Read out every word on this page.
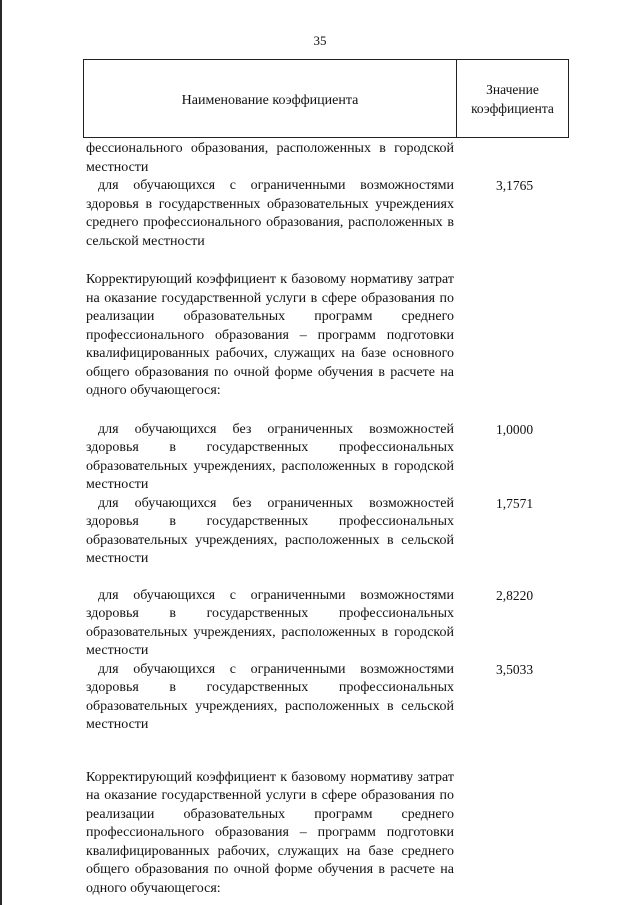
35
Наименование коэффициента
Значение
коэффициента
фессионального образования, расположенных в городской местности
для обучающихся с ограниченными возможностями здоровья в государственных образовательных учреждениях среднего профессионального образования, расположенных в сельской местности
3,1765
Корректирующий коэффициент к базовому нормативу затрат на оказание государственной услуги в сфере образования по реализации образовательных программ среднего профессионального образования – программ подготовки квалифицированных рабочих, служащих на базе основного общего образования по очной форме обучения в расчете на одного обучающегося:
для обучающихся без ограниченных возможностей здоровья в государственных профессиональных образовательных учреждениях, расположенных в городской местности
1,0000
для обучающихся без ограниченных возможностей здоровья в государственных профессиональных образовательных учреждениях, расположенных в сельской местности
1,7571
для обучающихся с ограниченными возможностями здоровья в государственных профессиональных образовательных учреждениях, расположенных в городской местности
2,8220
для обучающихся с ограниченными возможностями здоровья в государственных профессиональных образовательных учреждениях, расположенных в сельской местности
3,5033
Корректирующий коэффициент к базовому нормативу затрат на оказание государственной услуги в сфере образования по реализации образовательных программ среднего профессионального образования – программ подготовки квалифицированных рабочих, служащих на базе среднего общего образования по очной форме обучения в расчете на одного обучающегося:
